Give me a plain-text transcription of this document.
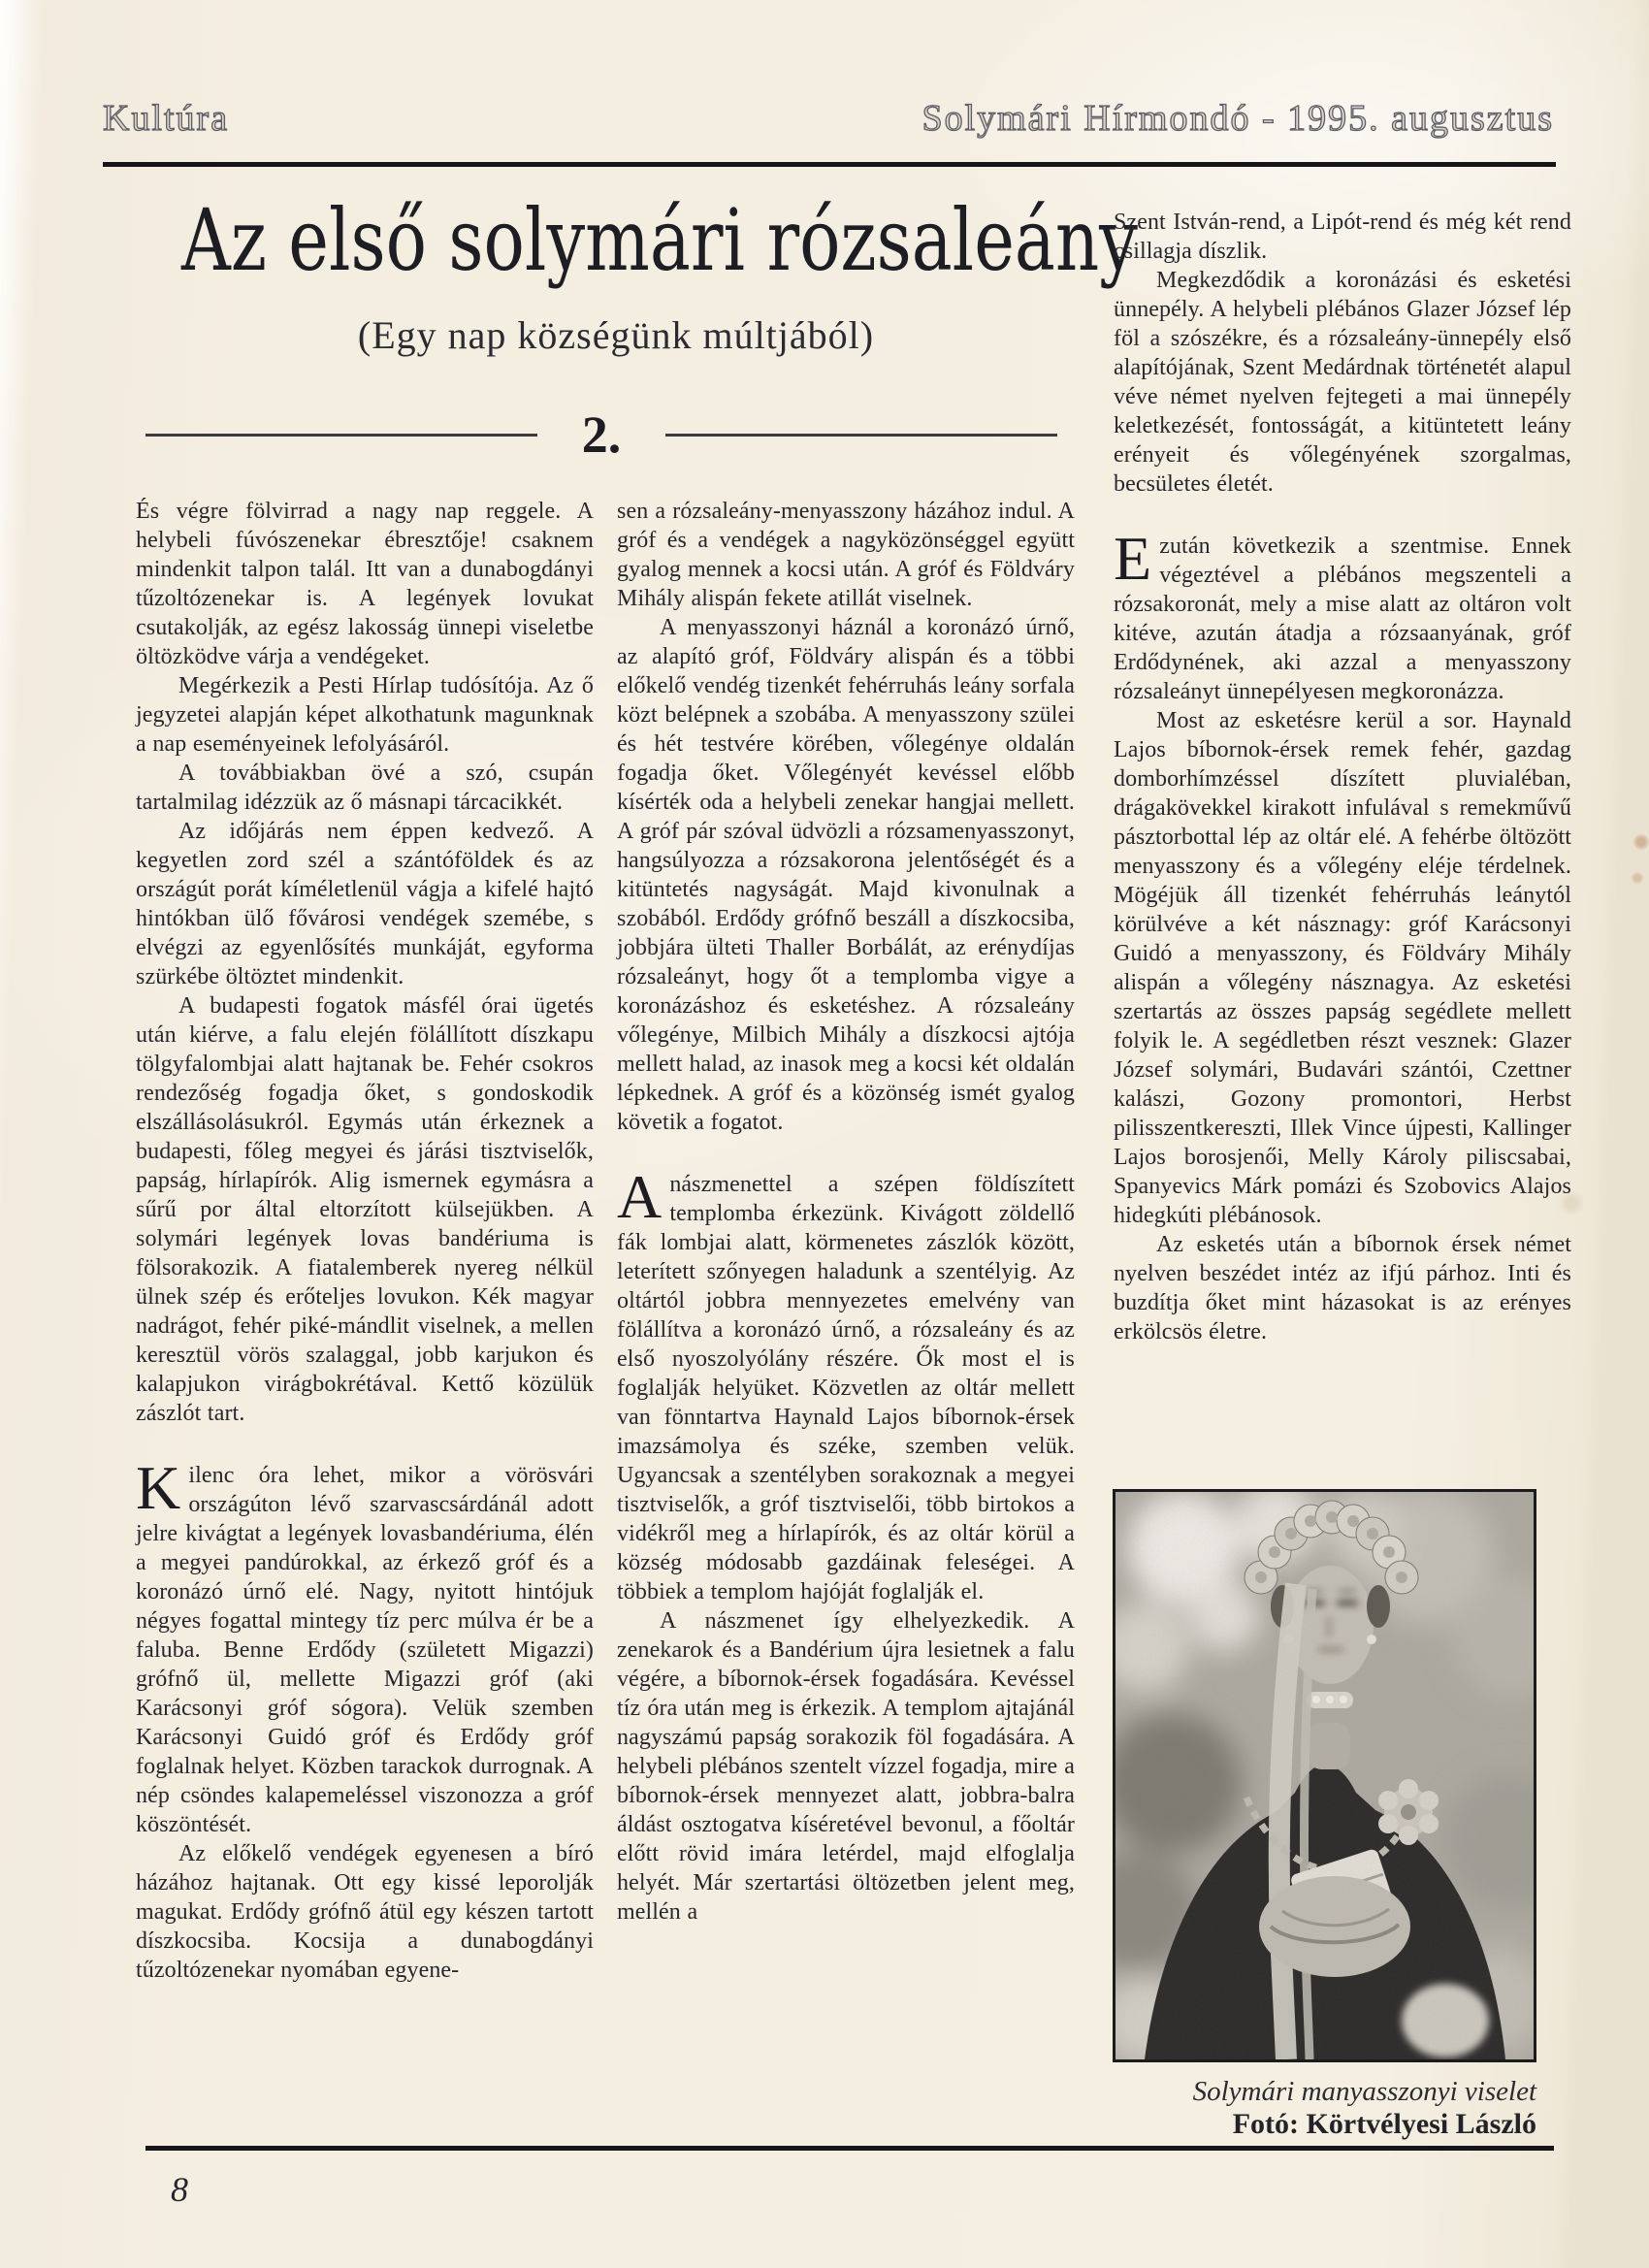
Kultúra	Solymári Hírmondó - 1995. augusztus
Az első solymári rózsaleány
(Egy nap községünk múltjából)
2.

És végre fölvirrad a nagy nap reggele. A helybeli fúvószenekar ébresztője! csaknem mindenkit talpon talál. Itt van a dunabogdányi tűzoltózenekar is. A legények lovukat csutakolják, az egész lakosság ünnepi viseletbe öltözködve várja a vendégeket.

Megérkezik a Pesti Hírlap tudósítója. Az ő jegyzetei alapján képet alkothatunk magunknak a nap eseményeinek lefolyásáról.

A továbbiakban övé a szó, csupán tartalmilag idézzük az ő másnapi tárcacikkét.

Az időjárás nem éppen kedvező. A kegyetlen zord szél a szántóföldek és az országút porát kíméletlenül vágja a kifelé hajtó hintókban ülő fővárosi vendégek szemébe, s elvégzi az egyenlősítés munkáját, egyforma szürkébe öltöztet mindenkit.

A budapesti fogatok másfél órai ügetés után kiérve, a falu elején fölállított díszkapu tölgyfalombjai alatt hajtanak be. Fehér csokros rendezőség fogadja őket, s gondoskodik elszállásolásukról. Egymás után érkeznek a budapesti, főleg megyei és járási tisztviselők, papság, hírlapírók. Alig ismernek egymásra a sűrű por által eltorzított külsejükben. A solymári legények lovas bandériuma is fölsorakozik. A fiatalemberek nyereg nélkül ülnek szép és erőteljes lovukon. Kék magyar nadrágot, fehér piké-mándlit viselnek, a mellen keresztül vörös szalaggal, jobb karjukon és kalapjukon virágbokrétával. Kettő közülük zászlót tart.

Kilenc óra lehet, mikor a vörösvári országúton lévő szarvascsárdánál adott jelre kivágtat a legények lovasbandériuma, élén a megyei pandúrokkal, az érkező gróf és a koronázó úrnő elé. Nagy, nyitott hintójuk négyes fogattal mintegy tíz perc múlva ér be a faluba. Benne Erdődy (született Migazzi) grófnő ül, mellette Migazzi gróf (aki Karácsonyi gróf sógora). Velük szemben Karácsonyi Guidó gróf és Erdődy gróf foglalnak helyet. Közben tarackok durrognak. A nép csöndes kalapemeléssel viszonozza a gróf köszöntését.

Az előkelő vendégek egyenesen a bíró házához hajtanak. Ott egy kissé leporolják magukat. Erdődy grófnő átül egy készen tartott díszkocsiba. Kocsija a dunabogdányi tűzoltózenekar nyomában egyene-

sen a rózsaleány-menyasszony házához indul. A gróf és a vendégek a nagyközönséggel együtt gyalog mennek a kocsi után. A gróf és Földváry Mihály alispán fekete atillát viselnek.

A menyasszonyi háznál a koronázó úrnő, az alapító gróf, Földváry alispán és a többi előkelő vendég tizenkét fehérruhás leány sorfala közt belépnek a szobába. A menyasszony szülei és hét testvére körében, vőlegénye oldalán fogadja őket. Vőlegényét kevéssel előbb kísérték oda a helybeli zenekar hangjai mellett. A gróf pár szóval üdvözli a rózsamenyasszonyt, hangsúlyozza a rózsakorona jelentőségét és a kitüntetés nagyságát. Majd kivonulnak a szobából. Erdődy grófnő beszáll a díszkocsiba, jobbjára ülteti Thaller Borbálát, az erénydíjas rózsaleányt, hogy őt a templomba vigye a koronázáshoz és esketéshez. A rózsaleány vőlegénye, Milbich Mihály a díszkocsi ajtója mellett halad, az inasok meg a kocsi két oldalán lépkednek. A gróf és a közönség ismét gyalog követik a fogatot.

Anászmenettel a szépen földíszített templomba érkezünk. Kivágott zöldellő fák lombjai alatt, körmenetes zászlók között, leterített szőnyegen haladunk a szentélyig. Az oltártól jobbra mennyezetes emelvény van fölállítva a koronázó úrnő, a rózsaleány és az első nyoszolyólány részére. Ők most el is foglalják helyüket. Közvetlen az oltár mellett van fönntartva Haynald Lajos bíbornok-érsek imazsámolya és széke, szemben velük. Ugyancsak a szentélyben sorakoznak a megyei tisztviselők, a gróf tisztviselői, több birtokos a vidékről meg a hírlapírók, és az oltár körül a község módosabb gazdáinak feleségei. A többiek a templom hajóját foglalják el.

A nászmenet így elhelyezkedik. A zenekarok és a Bandérium újra lesietnek a falu végére, a bíbornok-érsek fogadására. Kevéssel tíz óra után meg is érkezik. A templom ajtajánál nagyszámú papság sorakozik föl fogadására. A helybeli plébános szentelt vízzel fogadja, mire a bíbornok-érsek mennyezet alatt, jobbra-balra áldást osztogatva kíséretével bevonul, a főoltár előtt rövid imára letérdel, majd elfoglalja helyét. Már szertartási öltözetben jelent meg, mellén a

Szent István-rend, a Lipót-rend és még két rend csillagja díszlik.

Megkezdődik a koronázási és esketési ünnepély. A helybeli plébános Glazer József lép föl a szószékre, és a rózsaleány-ünnepély első alapítójának, Szent Medárdnak történetét alapul véve német nyelven fejtegeti a mai ünnepély keletkezését, fontosságát, a kitüntetett leány erényeit és vőlegényének szorgalmas, becsületes életét.

Ezután következik a szentmise. Ennek végeztével a plébános megszenteli a rózsakoronát, mely a mise alatt az oltáron volt kitéve, azután átadja a rózsaanyának, gróf Erdődynének, aki azzal a menyasszony rózsaleányt ünnepélyesen megkoronázza.

Most az esketésre kerül a sor. Haynald Lajos bíbornok-érsek remek fehér, gazdag domborhímzéssel díszített pluvialéban, drágakövekkel kirakott infulával s remekművű pásztorbottal lép az oltár elé. A fehérbe öltözött menyasszony és a vőlegény eléje térdelnek. Mögéjük áll tizenkét fehérruhás leánytól körülvéve a két násznagy: gróf Karácsonyi Guidó a menyasszony, és Földváry Mihály alispán a vőlegény násznagya. Az esketési szertartás az összes papság segédlete mellett folyik le. A segédletben részt vesznek: Glazer József solymári, Budavári szántói, Czettner kalászi, Gozony promontori, Herbst pilisszentkereszti, Illek Vince újpesti, Kallinger Lajos borosjenői, Melly Károly piliscsabai, Spanyevics Márk pomázi és Szobovics Alajos hidegkúti plébánosok.

Az esketés után a bíbornok érsek német nyelven beszédet intéz az ifjú párhoz. Inti és buzdítja őket mint házasokat is az erényes erkölcsös életre.

Solymári manyasszonyi viselet
Fotó: Körtvélyesi László
8
